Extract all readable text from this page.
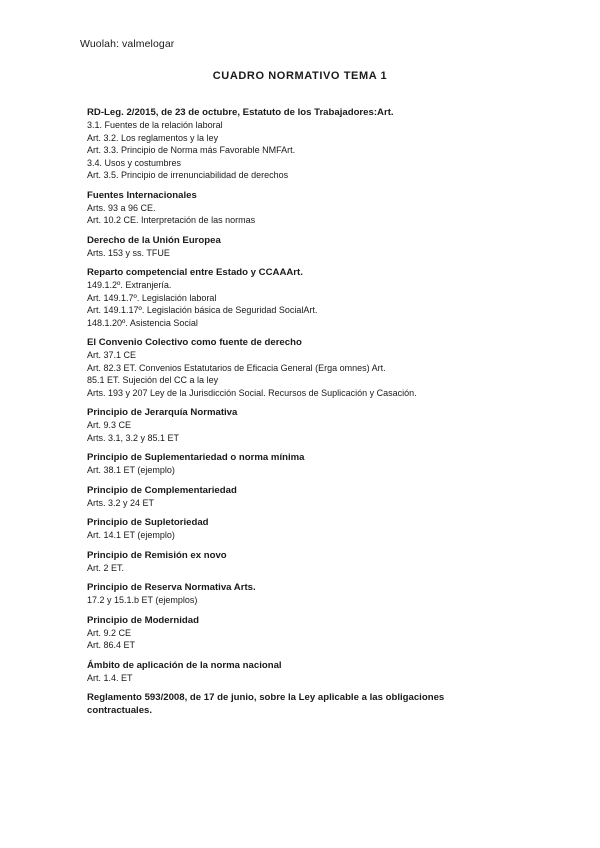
Wuolah: valmelogar
CUADRO NORMATIVO TEMA 1
RD-Leg. 2/2015, de 23 de octubre, Estatuto de los Trabajadores:Art.
3.1. Fuentes de la relación laboral
Art. 3.2. Los reglamentos y la ley
Art. 3.3. Principio de Norma más Favorable NMFArt.
3.4. Usos y costumbres
Art. 3.5. Principio de irrenunciabilidad de derechos
Fuentes Internacionales
Arts. 93 a 96 CE.
Art. 10.2 CE. Interpretación de las normas
Derecho de la Unión Europea
Arts. 153 y ss. TFUE
Reparto competencial entre Estado y CCAAArt.
149.1.2º. Extranjería.
Art. 149.1.7º. Legislación laboral
Art. 149.1.17º. Legislación básica de Seguridad SocialArt.
148.1.20º. Asistencia Social
El Convenio Colectivo como fuente de derecho
Art. 37.1 CE
Art. 82.3 ET. Convenios Estatutarios de Eficacia General (Erga omnes) Art.
85.1 ET. Sujeción del CC a la ley
Arts. 193 y 207 Ley de la Jurisdicción Social. Recursos de Suplicación y Casación.
Principio de Jerarquía Normativa
Art. 9.3 CE
Arts. 3.1, 3.2 y 85.1 ET
Principio de Suplementariedad o norma mínima
Art. 38.1 ET (ejemplo)
Principio de Complementariedad
Arts. 3.2 y 24 ET
Principio de Supletoriedad
Art. 14.1 ET (ejemplo)
Principio de Remisión ex novo
Art. 2 ET.
Principio de Reserva Normativa Arts.
17.2 y 15.1.b ET (ejemplos)
Principio de Modernidad
Art. 9.2 CE
Art. 86.4 ET
Ámbito de aplicación de la norma nacional
Art. 1.4. ET
Reglamento 593/2008, de 17 de junio, sobre la Ley aplicable a las obligaciones contractuales.
